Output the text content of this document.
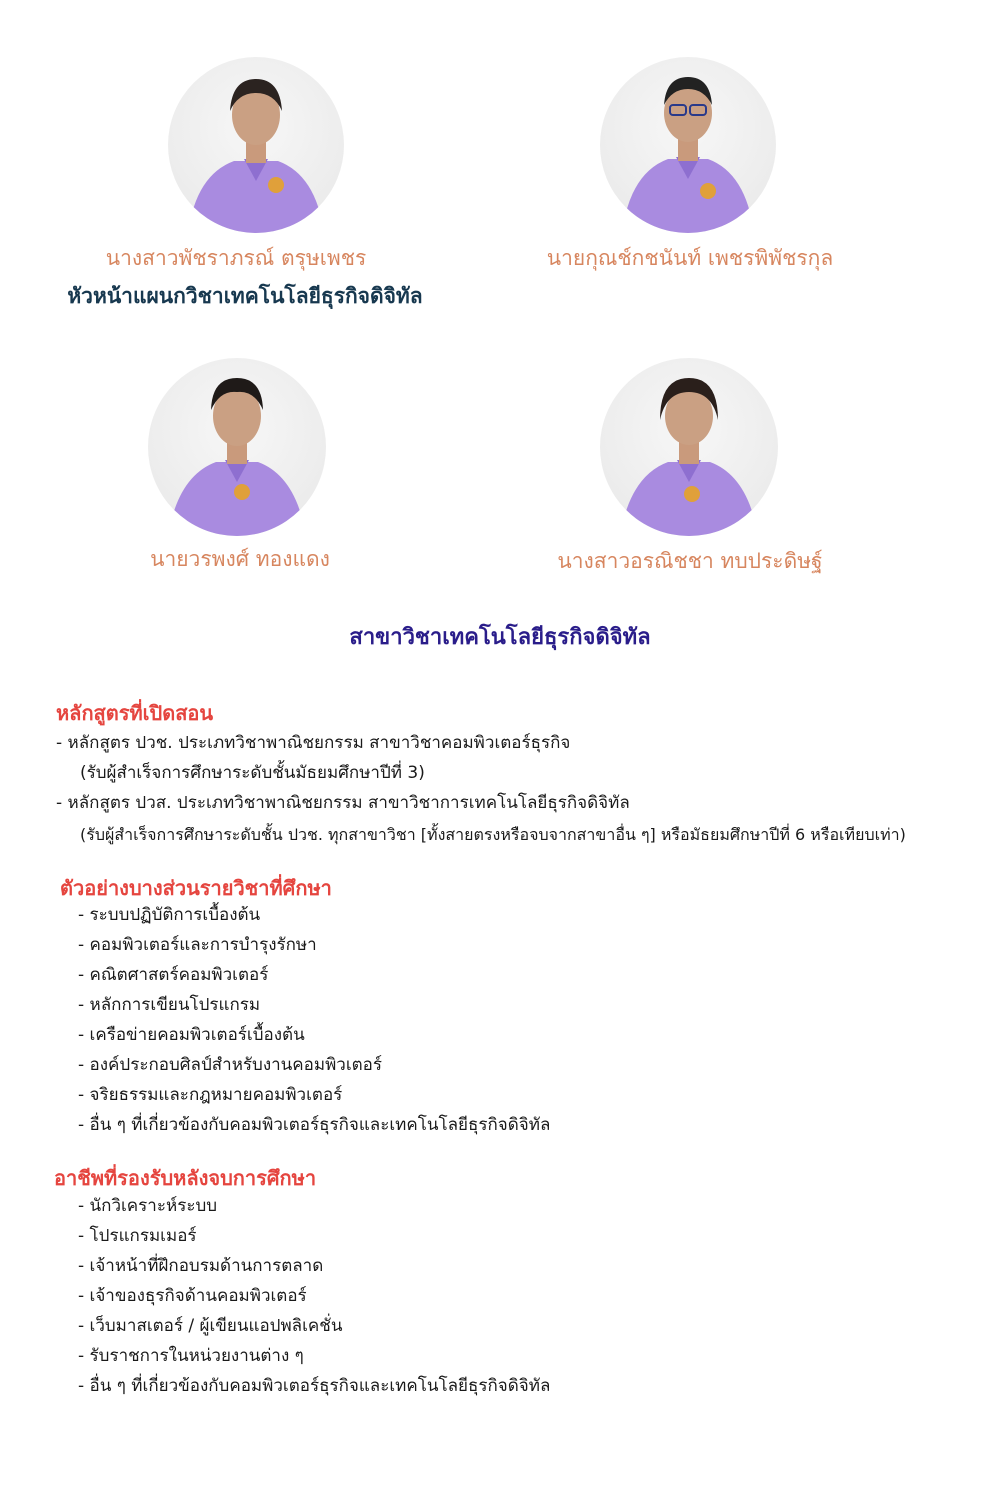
นางสาวพัชราภรณ์ ตรุษเพชร	นายกุณช์กชนันท์ เพชรพิพัชรกุล
หัวหน้าแผนกวิชาเทคโนโลยีธุรกิจดิจิทัล
นายวรพงศ์ ทองแดง	นางสาวอรณิชชา ทบประดิษฐ์
สาขาวิชาเทคโนโลยีธุรกิจดิจิทัล
หลักสูตรที่เปิดสอน
- หลักสูตร ปวช. ประเภทวิชาพาณิชยกรรม สาขาวิชาคอมพิวเตอร์ธุรกิจ
(รับผู้สำเร็จการศึกษาระดับชั้นมัธยมศึกษาปีที่ 3)
- หลักสูตร ปวส. ประเภทวิชาพาณิชยกรรม สาขาวิชาการเทคโนโลยีธุรกิจดิจิทัล
(รับผู้สำเร็จการศึกษาระดับชั้น ปวช. ทุกสาขาวิชา [ทั้งสายตรงหรือจบจากสาขาอื่น ๆ] หรือมัธยมศึกษาปีที่ 6 หรือเทียบเท่า)
ตัวอย่างบางส่วนรายวิชาที่ศึกษา
- ระบบปฏิบัติการเบื้องต้น
- คอมพิวเตอร์และการบำรุงรักษา
- คณิตศาสตร์คอมพิวเตอร์
- หลักการเขียนโปรแกรม
- เครือข่ายคอมพิวเตอร์เบื้องต้น
- องค์ประกอบศิลป์สำหรับงานคอมพิวเตอร์
- จริยธรรมและกฎหมายคอมพิวเตอร์
- อื่น ๆ ที่เกี่ยวข้องกับคอมพิวเตอร์ธุรกิจและเทคโนโลยีธุรกิจดิจิทัล
อาชีพที่รองรับหลังจบการศึกษา
- นักวิเคราะห์ระบบ
- โปรแกรมเมอร์
- เจ้าหน้าที่ฝึกอบรมด้านการตลาด
- เจ้าของธุรกิจด้านคอมพิวเตอร์
- เว็บมาสเตอร์ / ผู้เขียนแอปพลิเคชั่น
- รับราชการในหน่วยงานต่าง ๆ
- อื่น ๆ ที่เกี่ยวข้องกับคอมพิวเตอร์ธุรกิจและเทคโนโลยีธุรกิจดิจิทัล
